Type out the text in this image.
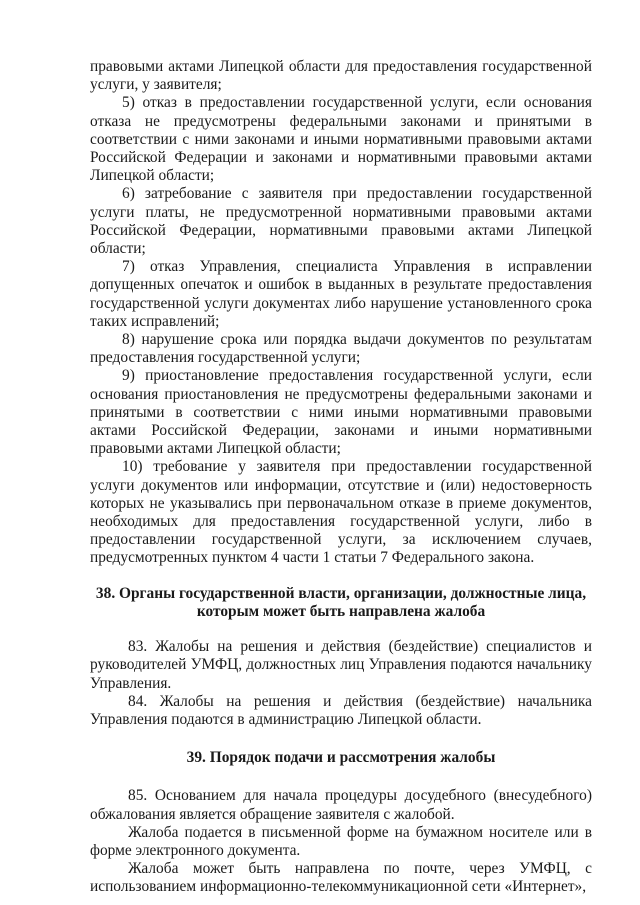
правовыми актами Липецкой области для предоставления государственной услуги, у заявителя;

5) отказ в предоставлении государственной услуги, если основания отказа не предусмотрены федеральными законами и принятыми в соответствии с ними законами и иными нормативными правовыми актами Российской Федерации и законами и нормативными правовыми актами Липецкой области;

6) затребование с заявителя при предоставлении государственной услуги платы, не предусмотренной нормативными правовыми актами Российской Федерации, нормативными правовыми актами Липецкой области;

7) отказ Управления, специалиста Управления в исправлении допущенных опечаток и ошибок в выданных в результате предоставления государственной услуги документах либо нарушение установленного срока таких исправлений;

8) нарушение срока или порядка выдачи документов по результатам предоставления государственной услуги;

9) приостановление предоставления государственной услуги, если основания приостановления не предусмотрены федеральными законами и принятыми в соответствии с ними иными нормативными правовыми актами Российской Федерации, законами и иными нормативными правовыми актами Липецкой области;

10) требование у заявителя при предоставлении государственной услуги документов или информации, отсутствие и (или) недостоверность которых не указывались при первоначальном отказе в приеме документов, необходимых для предоставления государственной услуги, либо в предоставлении государственной услуги, за исключением случаев, предусмотренных пунктом 4 части 1 статьи 7 Федерального закона.

38. Органы государственной власти, организации, должностные лица, которым может быть направлена жалоба

83. Жалобы на решения и действия (бездействие) специалистов и руководителей УМФЦ, должностных лиц Управления подаются начальнику Управления.

84. Жалобы на решения и действия (бездействие) начальника Управления подаются в администрацию Липецкой области.

39. Порядок подачи и рассмотрения жалобы

85. Основанием для начала процедуры досудебного (внесудебного) обжалования является обращение заявителя с жалобой.

Жалоба подается в письменной форме на бумажном носителе или в форме электронного документа.

Жалоба может быть направлена по почте, через УМФЦ, с использованием информационно-телекоммуникационной сети «Интернет»,
